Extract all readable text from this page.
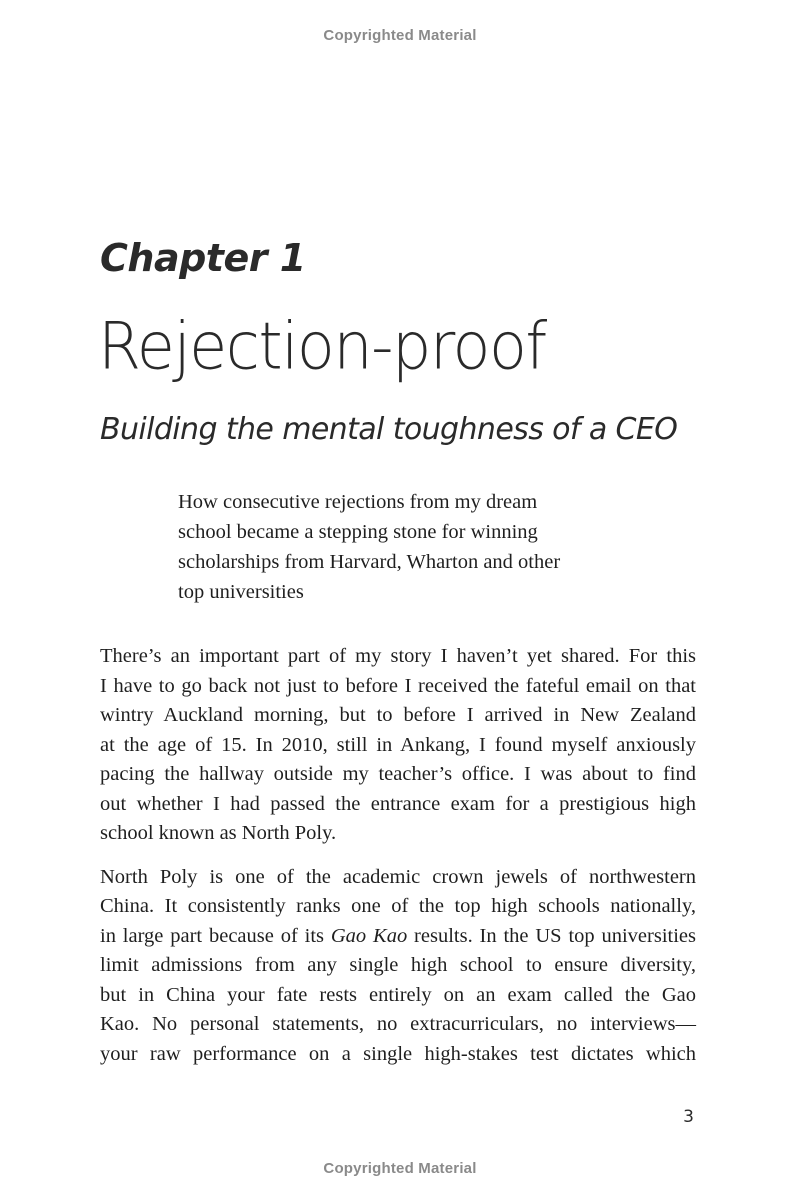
Copyrighted Material
Chapter 1
Rejection-proof
Building the mental toughness of a CEO
How consecutive rejections from my dream
school became a stepping stone for winning
scholarships from Harvard, Wharton and other
top universities
There’s an important part of my story I haven’t yet shared. For this
I have to go back not just to before I received the fateful email on that
wintry Auckland morning, but to before I arrived in New Zealand
at the age of 15. In 2010, still in Ankang, I found myself anxiously
pacing the hallway outside my teacher’s office. I was about to find
out whether I had passed the entrance exam for a prestigious high
school known as North Poly.
North Poly is one of the academic crown jewels of northwestern
China. It consistently ranks one of the top high schools nationally,
in large part because of its Gao Kao results. In the US top universities
limit admissions from any single high school to ensure diversity,
but in China your fate rests entirely on an exam called the Gao
Kao. No personal statements, no extracurriculars, no interviews—
your raw performance on a single high-stakes test dictates which
3
Copyrighted Material
